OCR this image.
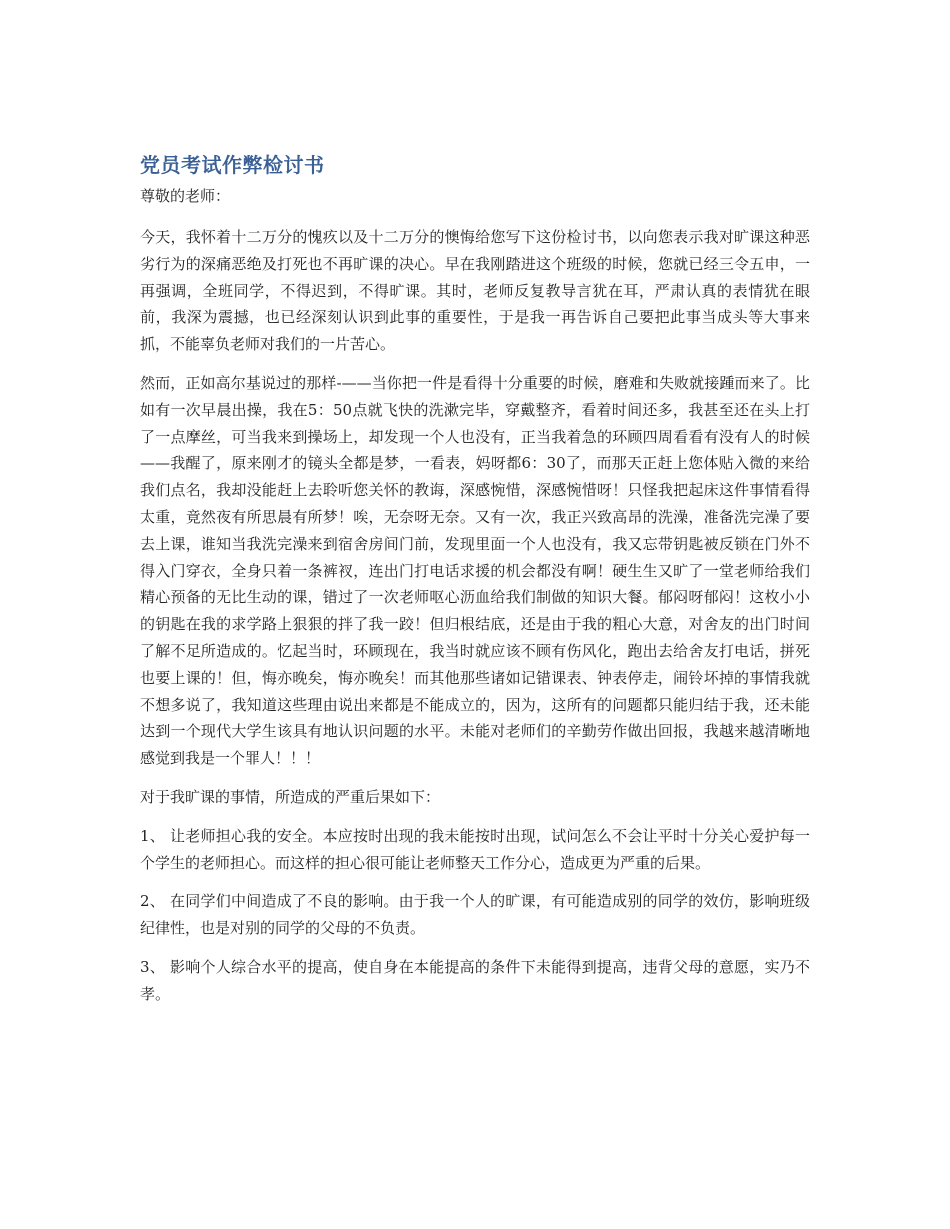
党员考试作弊检讨书

尊敬的老师：

今天，我怀着十二万分的愧疚以及十二万分的懊悔给您写下这份检讨书，以向您表示我对旷课这种恶劣行为的深痛恶绝及打死也不再旷课的决心。早在我刚踏进这个班级的时候，您就已经三令五申，一再强调，全班同学，不得迟到，不得旷课。其时，老师反复教导言犹在耳，严肃认真的表情犹在眼前，我深为震撼，也已经深刻认识到此事的重要性，于是我一再告诉自己要把此事当成头等大事来抓，不能辜负老师对我们的一片苦心。

然而，正如高尔基说过的那样-——当你把一件是看得十分重要的时候，磨难和失败就接踵而来了。比如有一次早晨出操，我在5：50点就飞快的洗漱完毕，穿戴整齐，看着时间还多，我甚至还在头上打了一点摩丝，可当我来到操场上，却发现一个人也没有，正当我着急的环顾四周看看有没有人的时候——我醒了，原来刚才的镜头全都是梦，一看表，妈呀都6：30了，而那天正赶上您体贴入微的来给我们点名，我却没能赶上去聆听您关怀的教诲，深感惋惜，深感惋惜呀！只怪我把起床这件事情看得太重，竟然夜有所思晨有所梦！唉，无奈呀无奈。又有一次，我正兴致高昂的洗澡，准备洗完澡了要去上课，谁知当我洗完澡来到宿舍房间门前，发现里面一个人也没有，我又忘带钥匙被反锁在门外不得入门穿衣，全身只着一条裤衩，连出门打电话求援的机会都没有啊！硬生生又旷了一堂老师给我们精心预备的无比生动的课，错过了一次老师呕心沥血给我们制做的知识大餐。郁闷呀郁闷！这枚小小的钥匙在我的求学路上狠狠的拌了我一跤！但归根结底，还是由于我的粗心大意，对舍友的出门时间了解不足所造成的。忆起当时，环顾现在，我当时就应该不顾有伤风化，跑出去给舍友打电话，拼死也要上课的！但，悔亦晚矣，悔亦晚矣！而其他那些诸如记错课表、钟表停走，闹铃坏掉的事情我就不想多说了，我知道这些理由说出来都是不能成立的，因为，这所有的问题都只能归结于我，还未能达到一个现代大学生该具有地认识问题的水平。未能对老师们的辛勤劳作做出回报，我越来越清晰地感觉到我是一个罪人！！！

对于我旷课的事情，所造成的严重后果如下：

1、 让老师担心我的安全。本应按时出现的我未能按时出现，试问怎么不会让平时十分关心爱护每一个学生的老师担心。而这样的担心很可能让老师整天工作分心，造成更为严重的后果。

2、 在同学们中间造成了不良的影响。由于我一个人的旷课，有可能造成别的同学的效仿，影响班级纪律性，也是对别的同学的父母的不负责。

3、 影响个人综合水平的提高，使自身在本能提高的条件下未能得到提高，违背父母的意愿，实乃不孝。
